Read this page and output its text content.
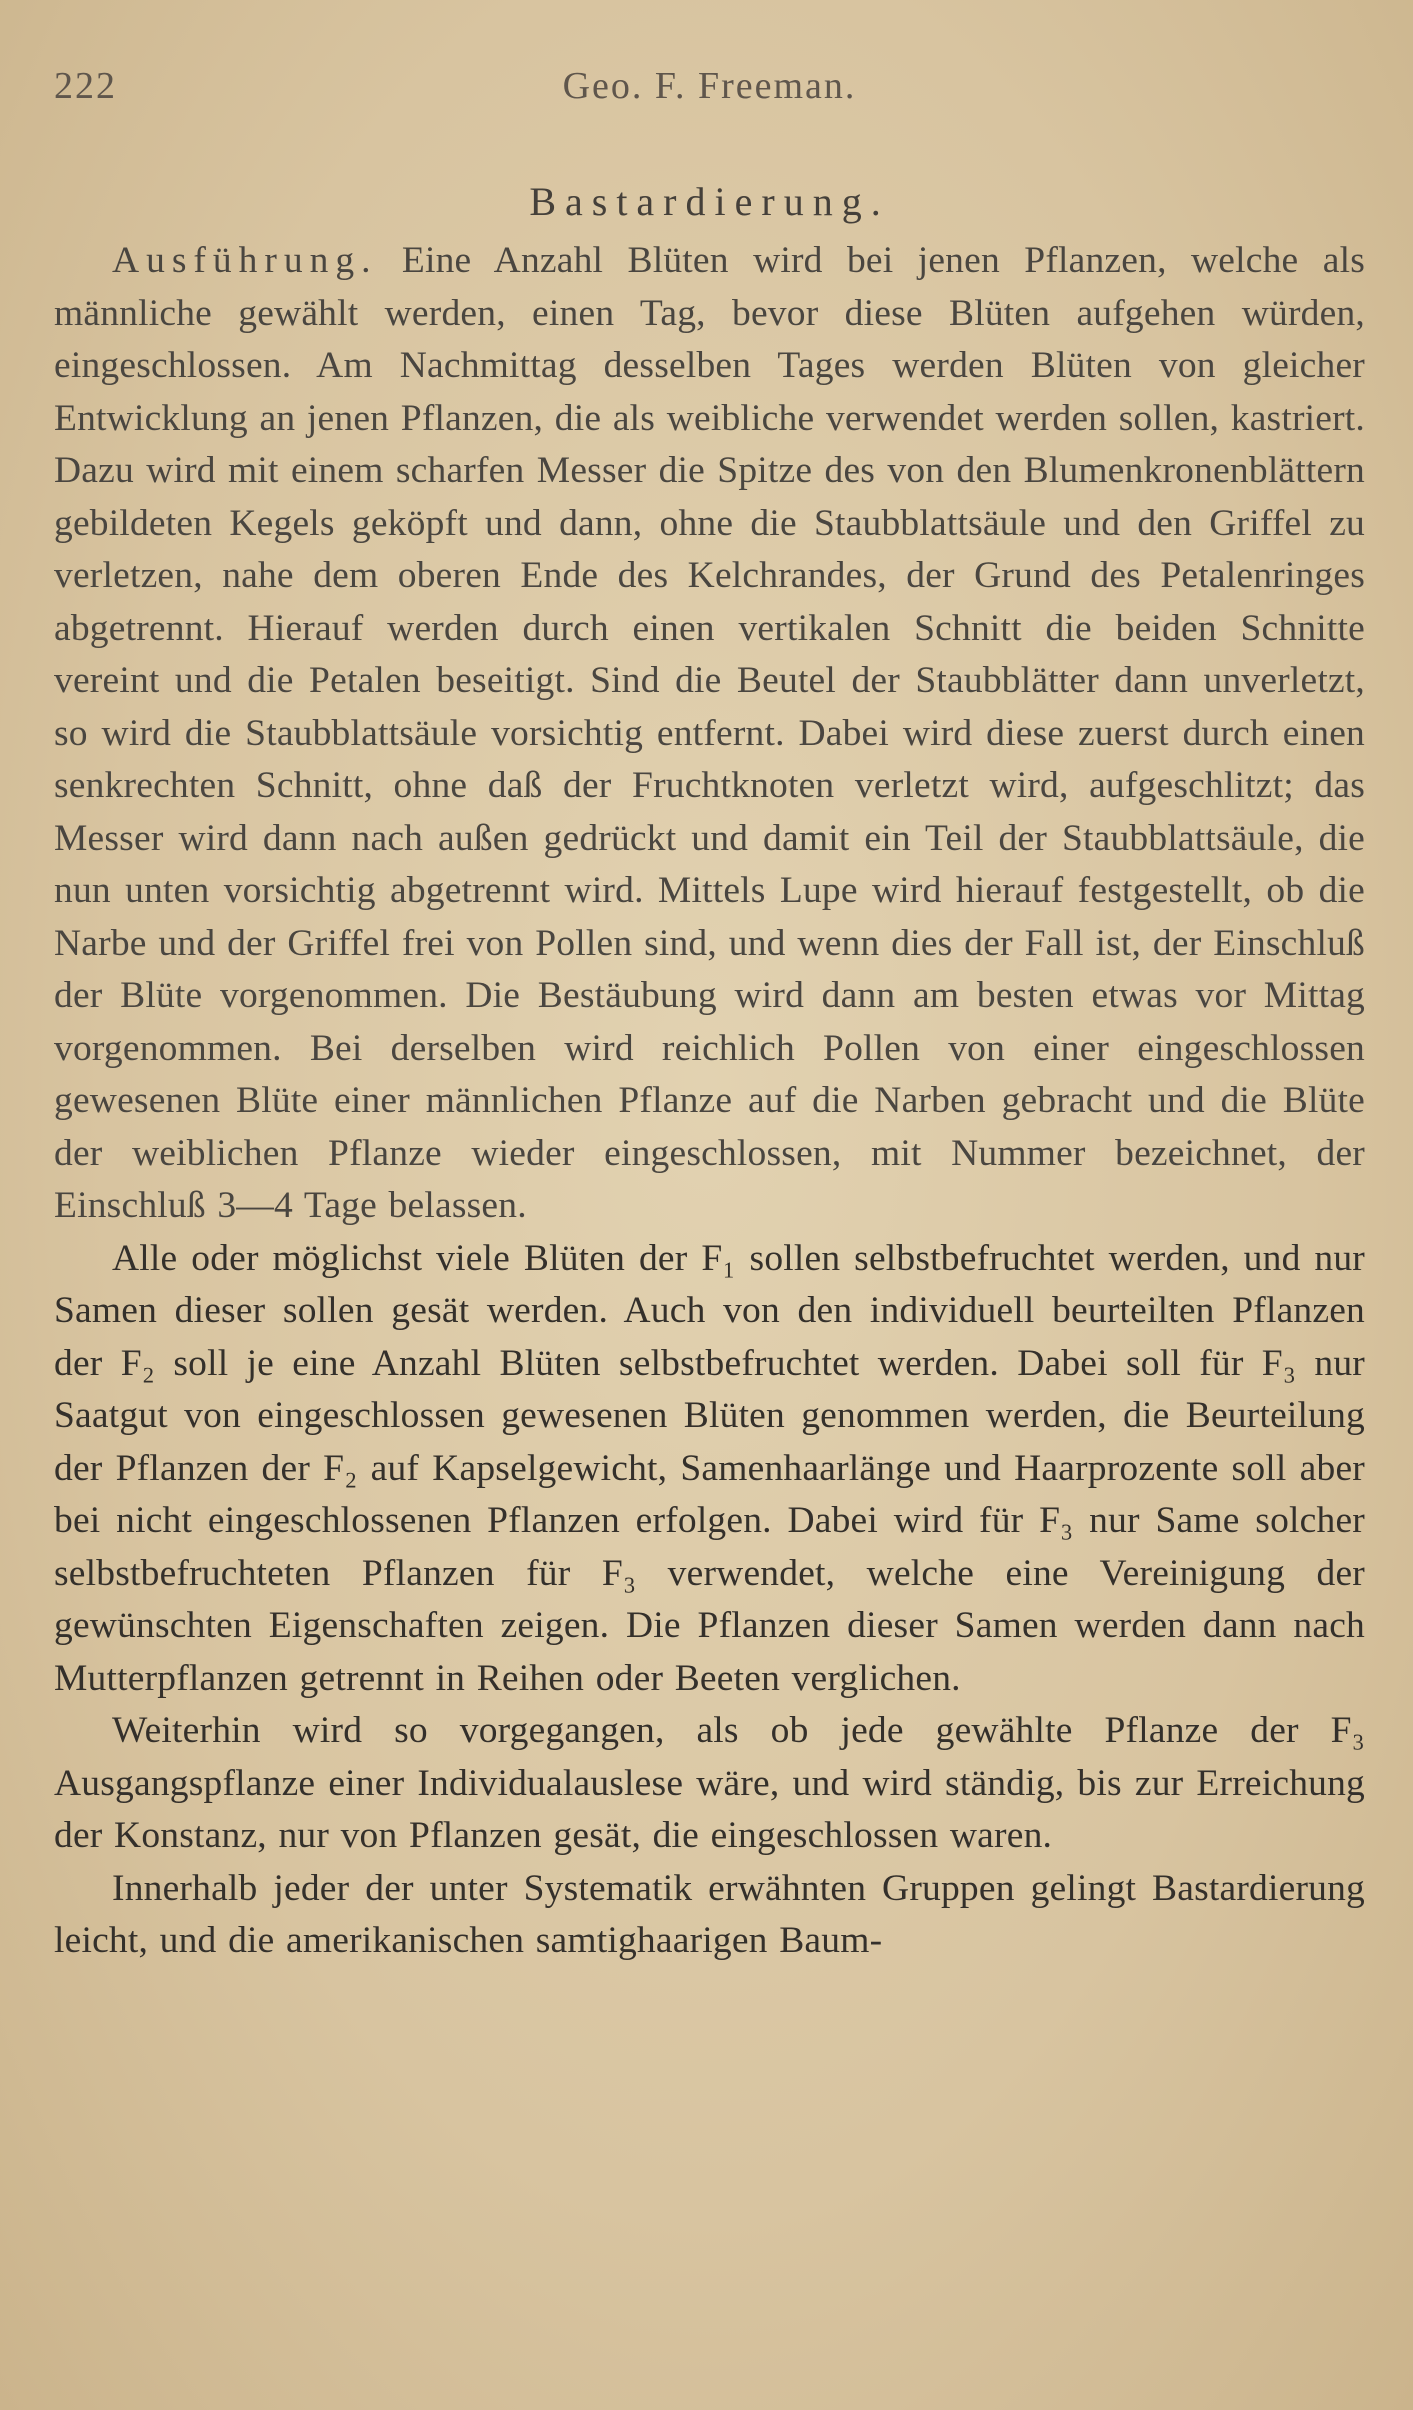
222	Geo. F. Freeman.
Bastardierung.

Ausführung. Eine Anzahl Blüten wird bei jenen Pflanzen, welche als männliche gewählt werden, einen Tag, bevor diese Blüten aufgehen würden, eingeschlossen. Am Nachmittag desselben Tages werden Blüten von gleicher Entwicklung an jenen Pflanzen, die als weibliche verwendet werden sollen, kastriert. Dazu wird mit einem scharfen Messer die Spitze des von den Blumenkronenblättern gebildeten Kegels geköpft und dann, ohne die Staubblattsäule und den Griffel zu verletzen, nahe dem oberen Ende des Kelchrandes, der Grund des Petalenringes abgetrennt. Hierauf werden durch einen vertikalen Schnitt die beiden Schnitte vereint und die Petalen beseitigt. Sind die Beutel der Staubblätter dann unverletzt, so wird die Staubblattsäule vorsichtig entfernt. Dabei wird diese zuerst durch einen senkrechten Schnitt, ohne daß der Fruchtknoten verletzt wird, aufgeschlitzt; das Messer wird dann nach außen gedrückt und damit ein Teil der Staubblattsäule, die nun unten vorsichtig abgetrennt wird. Mittels Lupe wird hierauf festgestellt, ob die Narbe und der Griffel frei von Pollen sind, und wenn dies der Fall ist, der Einschluß der Blüte vorgenommen. Die Bestäubung wird dann am besten etwas vor Mittag vorgenommen. Bei derselben wird reichlich Pollen von einer eingeschlossen gewesenen Blüte einer männlichen Pflanze auf die Narben gebracht und die Blüte der weiblichen Pflanze wieder eingeschlossen, mit Nummer bezeichnet, der Einschluß 3—4 Tage belassen.

Alle oder möglichst viele Blüten der F₁ sollen selbstbefruchtet werden, und nur Samen dieser sollen gesät werden. Auch von den individuell beurteilten Pflanzen der F₂ soll je eine Anzahl Blüten selbstbefruchtet werden. Dabei soll für F₃ nur Saatgut von eingeschlossen gewesenen Blüten genommen werden, die Beurteilung der Pflanzen der F₂ auf Kapselgewicht, Samenhaarlänge und Haarprozente soll aber bei nicht eingeschlossenen Pflanzen erfolgen. Dabei wird für F₃ nur Same solcher selbstbefruchteten Pflanzen für F₃ verwendet, welche eine Vereinigung der gewünschten Eigenschaften zeigen. Die Pflanzen dieser Samen werden dann nach Mutterpflanzen getrennt in Reihen oder Beeten verglichen.

Weiterhin wird so vorgegangen, als ob jede gewählte Pflanze der F₃ Ausgangspflanze einer Individualauslese wäre, und wird ständig, bis zur Erreichung der Konstanz, nur von Pflanzen gesät, die eingeschlossen waren.

Innerhalb jeder der unter Systematik erwähnten Gruppen gelingt Bastardierung leicht, und die amerikanischen samtighaarigen Baum-
